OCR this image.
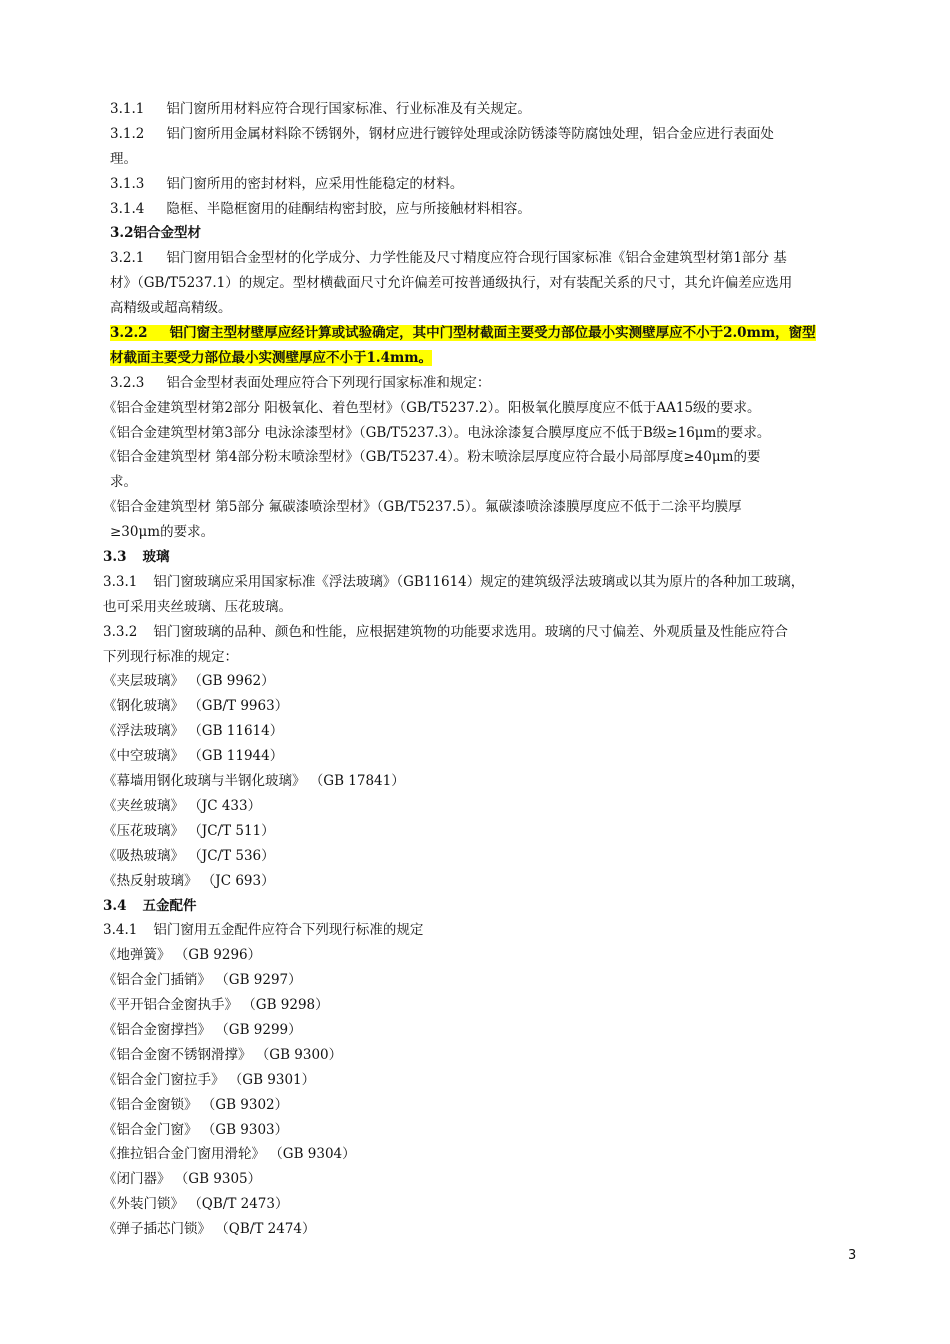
3.1.1 铝门窗所用材料应符合现行国家标准、行业标准及有关规定。
3.1.2 铝门窗所用金属材料除不锈钢外，钢材应进行镀锌处理或涂防锈漆等防腐蚀处理，铝合金应进行表面处
理。
3.1.3 铝门窗所用的密封材料，应采用性能稳定的材料。
3.1.4 隐框、半隐框窗用的硅酮结构密封胶，应与所接触材料相容。
3.2铝合金型材
3.2.1 铝门窗用铝合金型材的化学成分、力学性能及尺寸精度应符合现行国家标准《铝合金建筑型材第1部分 基
材》（GB/T5237.1）的规定。型材横截面尺寸允许偏差可按普通级执行，对有装配关系的尺寸，其允许偏差应选用
高精级或超高精级。
3.2.2 铝门窗主型材壁厚应经计算或试验确定，其中门型材截面主要受力部位最小实测壁厚应不小于2.0mm，窗型
材截面主要受力部位最小实测壁厚应不小于1.4mm。
3.2.3 铝合金型材表面处理应符合下列现行国家标准和规定：
《铝合金建筑型材第2部分 阳极氧化、着色型材》（GB/T5237.2）。阳极氧化膜厚度应不低于AA15级的要求。
《铝合金建筑型材第3部分 电泳涂漆型材》（GB/T5237.3）。电泳涂漆复合膜厚度应不低于B级≥16μm的要求。
《铝合金建筑型材 第4部分粉末喷涂型材》（GB/T5237.4）。粉末喷涂层厚度应符合最小局部厚度≥40μm的要
求。
《铝合金建筑型材 第5部分 氟碳漆喷涂型材》（GB/T5237.5）。氟碳漆喷涂漆膜厚度应不低于二涂平均膜厚
≥30μm的要求。
3.3 玻璃
3.3.1 铝门窗玻璃应采用国家标准《浮法玻璃》（GB11614）规定的建筑级浮法玻璃或以其为原片的各种加工玻璃，
也可采用夹丝玻璃、压花玻璃。
3.3.2 铝门窗玻璃的品种、颜色和性能，应根据建筑物的功能要求选用。玻璃的尺寸偏差、外观质量及性能应符合
下列现行标准的规定：
《夹层玻璃》 （GB 9962）
《钢化玻璃》 （GB/T 9963）
《浮法玻璃》 （GB 11614）
《中空玻璃》 （GB 11944）
《幕墙用钢化玻璃与半钢化玻璃》 （GB 17841）
《夹丝玻璃》 （JC 433）
《压花玻璃》 （JC/T 511）
《吸热玻璃》 （JC/T 536）
《热反射玻璃》 （JC 693）
3.4 五金配件
3.4.1 铝门窗用五金配件应符合下列现行标准的规定
《地弹簧》 （GB 9296）
《铝合金门插销》 （GB 9297）
《平开铝合金窗执手》 （GB 9298）
《铝合金窗撑挡》 （GB 9299）
《铝合金窗不锈钢滑撑》 （GB 9300）
《铝合金门窗拉手》 （GB 9301）
《铝合金窗锁》 （GB 9302）
《铝合金门窗》 （GB 9303）
《推拉铝合金门窗用滑轮》 （GB 9304）
《闭门器》 （GB 9305）
《外装门锁》 （QB/T 2473）
《弹子插芯门锁》 （QB/T 2474）
3
